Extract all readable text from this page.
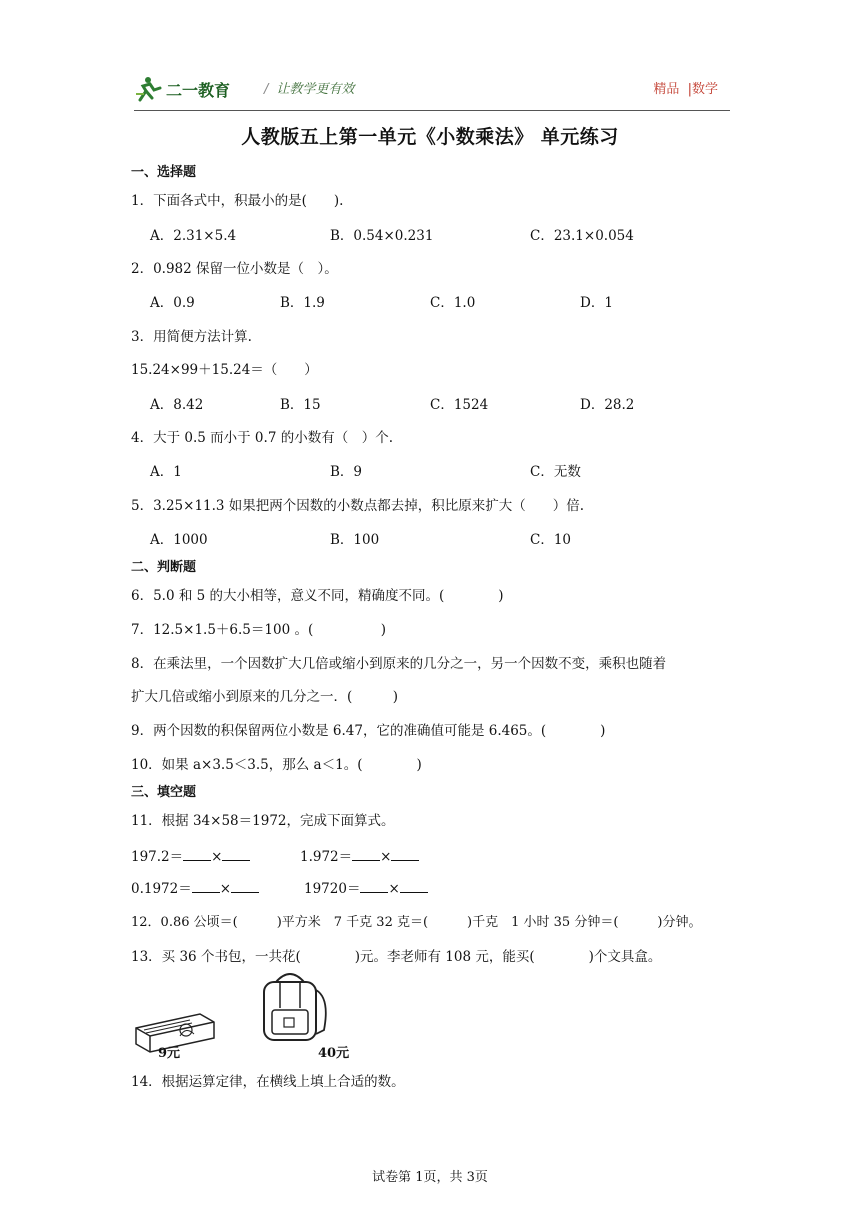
二一教育	/ 让教学更有效	精品  |数学
人教版五上第一单元《小数乘法》 单元练习
一、选择题
1．下面各式中，积最小的是(　　).
A．2.31×5.4	B．0.54×0.231	C．23.1×0.054
2．0.982 保留一位小数是（　）。
A．0.9	B．1.9	C．1.0	D．1
3．用简便方法计算.
15.24×99＋15.24＝（　　）
A．8.42	B．15	C．1524	D．28.2
4．大于 0.5 而小于 0.7 的小数有（　）个.
A．1	B．9	C．无数
5．3.25×11.3 如果把两个因数的小数点都去掉，积比原来扩大（　　）倍.
A．1000	B．100	C．10
二、判断题
6．5.0 和 5 的大小相等，意义不同，精确度不同。(　　　　)
7．12.5×1.5＋6.5＝100 。(　　　　　)
8．在乘法里，一个因数扩大几倍或缩小到原来的几分之一，另一个因数不变，乘积也随着
扩大几倍或缩小到原来的几分之一．(　　　)
9．两个因数的积保留两位小数是 6.47，它的准确值可能是 6.465。(　　　　)
10．如果 a×3.5＜3.5，那么 a＜1。(　　　　)
三、填空题
11．根据 34×58＝1972，完成下面算式。
197.2＝ ×	1.972＝ ×
0.1972＝ ×	19720＝ ×
12．0.86 公顷＝(　　　)平方米　7 千克 32 克＝(　　　)千克　1 小时 35 分钟＝(　　　)分钟。
13．买 36 个书包，一共花(　　　　)元。李老师有 108 元，能买(　　　　)个文具盒。
9元	40元
14．根据运算定律，在横线上填上合适的数。
试卷第 1页，共 3页
